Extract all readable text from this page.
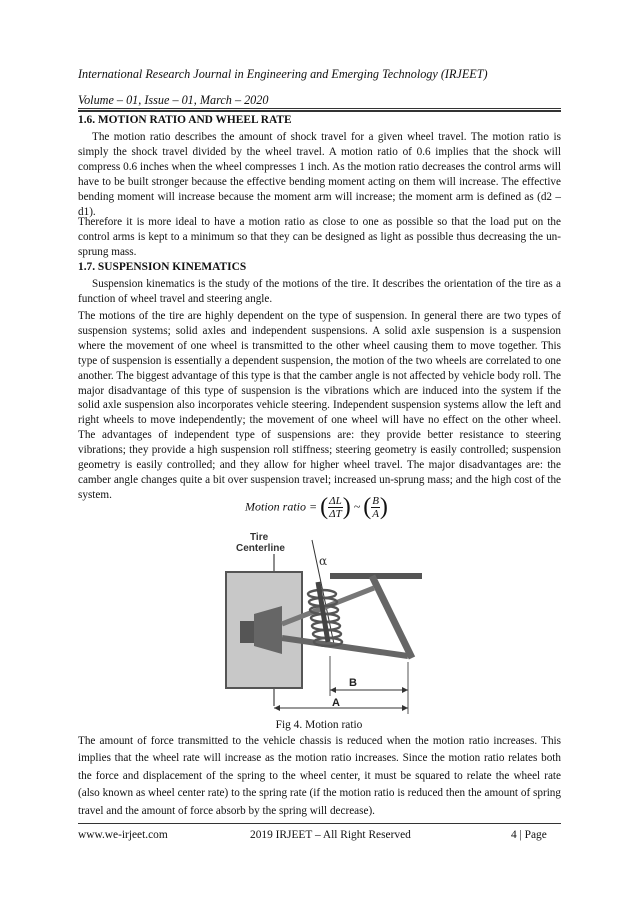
International Research Journal in Engineering and Emerging Technology (IRJEET)
Volume – 01, Issue – 01, March – 2020
1.6. MOTION RATIO AND WHEEL RATE

The motion ratio describes the amount of shock travel for a given wheel travel. The motion ratio is simply the shock travel divided by the wheel travel. A motion ratio of 0.6 implies that the shock will compress 0.6 inches when the wheel compresses 1 inch. As the motion ratio decreases the control arms will have to be built stronger because the effective bending moment acting on them will increase. The effective bending moment will increase because the moment arm will increase; the moment arm is defined as (d2 – d1).

Therefore it is more ideal to have a motion ratio as close to one as possible so that the load put on the control arms is kept to a minimum so that they can be designed as light as possible thus decreasing the un-sprung mass.

1.7. SUSPENSION KINEMATICS

Suspension kinematics is the study of the motions of the tire. It describes the orientation of the tire as a function of wheel travel and steering angle.

The motions of the tire are highly dependent on the type of suspension. In general there are two types of suspension systems; solid axles and independent suspensions. A solid axle suspension is a suspension where the movement of one wheel is transmitted to the other wheel causing them to move together. This type of suspension is essentially a dependent suspension, the motion of the two wheels are correlated to one another. The biggest advantage of this type is that the camber angle is not affected by vehicle body roll. The major disadvantage of this type of suspension is the vibrations which are induced into the system if the solid axle suspension also incorporates vehicle steering. Independent suspension systems allow the left and right wheels to move independently; the movement of one wheel will have no effect on the other wheel. The advantages of independent type of suspensions are: they provide better resistance to steering vibrations; they provide a high suspension roll stiffness; steering geometry is easily controlled; suspension geometry is easily controlled; and they allow for higher wheel travel. The major disadvantages are: the camber angle changes quite a bit over suspension travel; increased un-sprung mass; and the high cost of the system.

Motion ratio = ( $\frac{\Delta L}{\Delta T}$ ) ~ ( $\frac{B}{A}$ )
Tire
Centerline
α
B
A
Fig 4. Motion ratio

The amount of force transmitted to the vehicle chassis is reduced when the motion ratio increases. This implies that the wheel rate will increase as the motion ratio increases. Since the motion ratio relates both the force and displacement of the spring to the wheel center, it must be squared to relate the wheel rate (also known as wheel center rate) to the spring rate (if the motion ratio is reduced then the amount of spring travel and the amount of force absorb by the spring will decrease).

www.we-irjeet.com	2019 IRJEET – All Right Reserved	4 | Page
